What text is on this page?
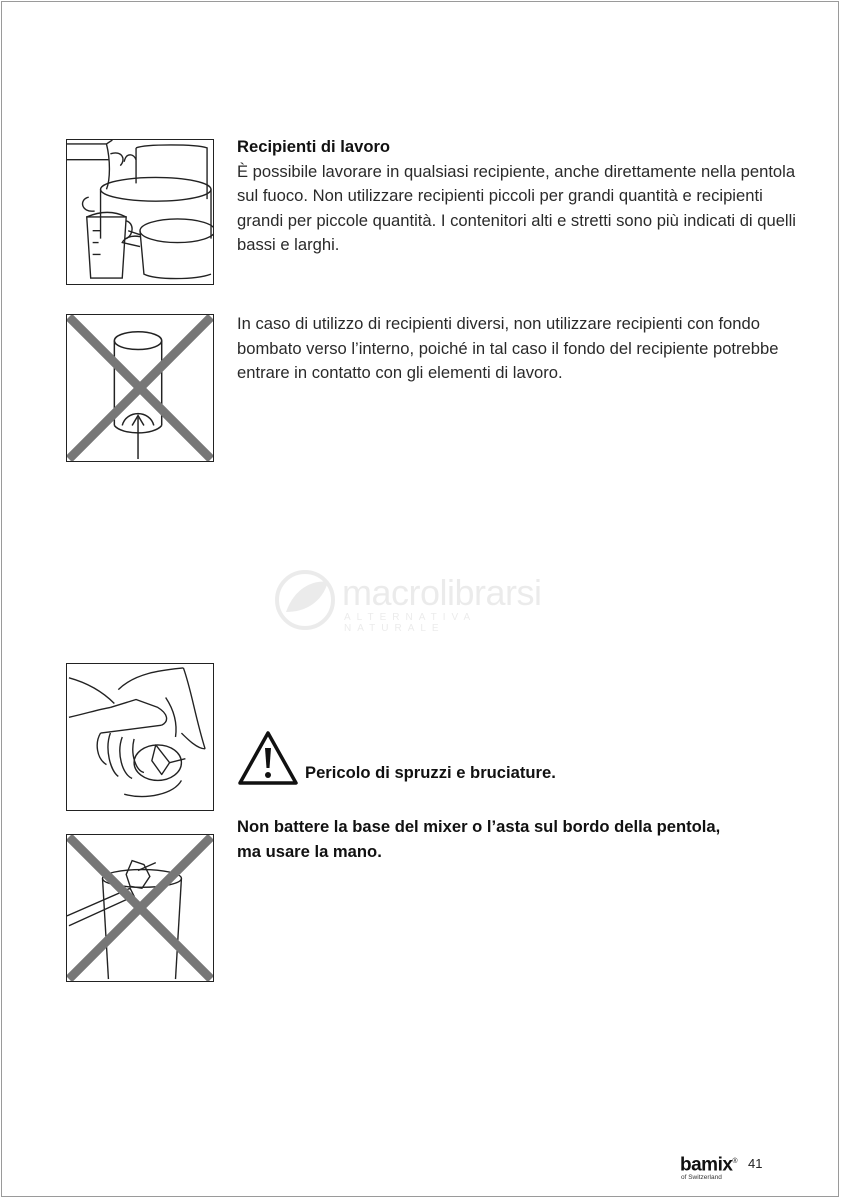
Recipienti di lavoro
È possibile lavorare in qualsiasi recipiente, anche direttamente nella pentola sul fuoco. Non utilizzare recipienti piccoli per grandi quantità e recipienti grandi per piccole quantità. I contenitori alti e stretti sono più indicati di quelli bassi e larghi.
In caso di utilizzo di recipienti diversi, non utilizzare recipienti con fondo bombato verso l’interno, poiché in tal caso il fondo del recipiente potrebbe entrare in contatto con gli elementi di lavoro.
macrolibrarsi
ALTERNATIVA NATURALE
Pericolo di spruzzi e bruciature.
Non battere la base del mixer o l’asta sul bordo della pentola, ma usare la mano.
bamix®
of Switzerland
41
